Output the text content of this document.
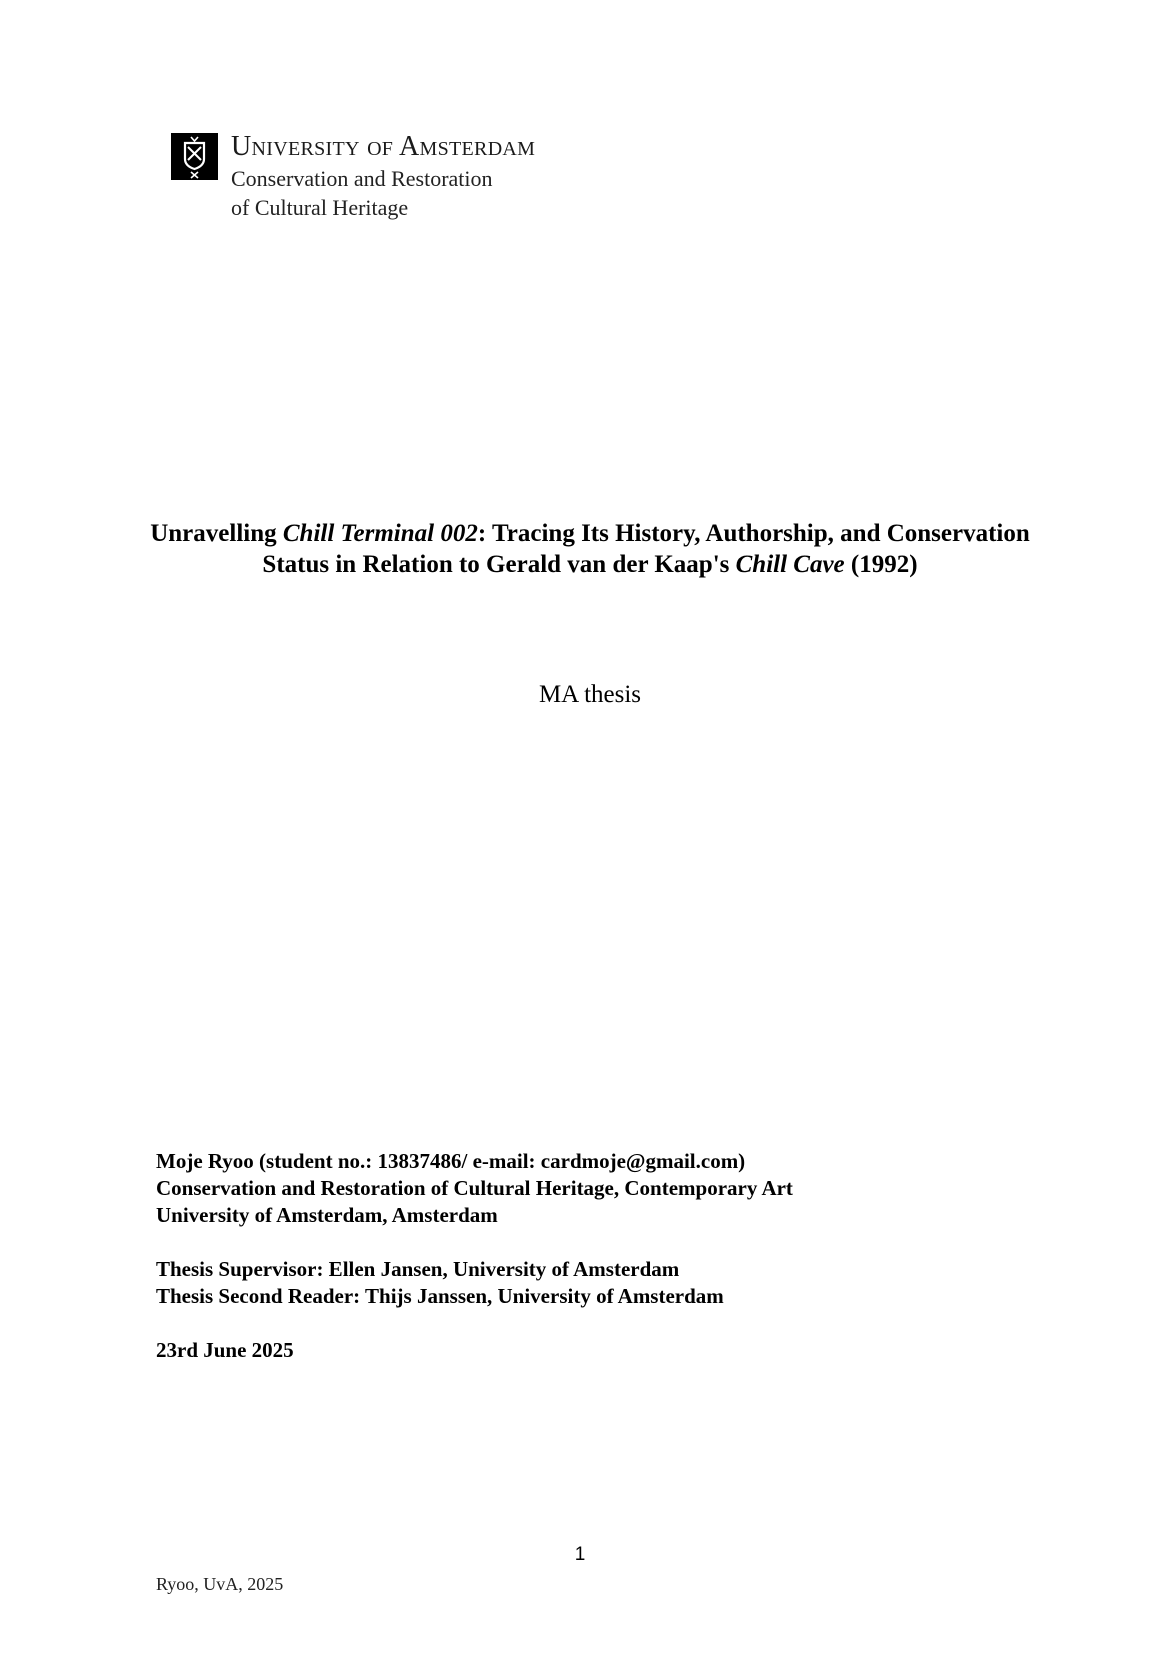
University of Amsterdam
Conservation and Restoration
of Cultural Heritage
Unravelling Chill Terminal 002: Tracing Its History, Authorship, and Conservation Status in Relation to Gerald van der Kaap's Chill Cave (1992)
MA thesis
Moje Ryoo (student no.: 13837486/ e-mail: cardmoje@gmail.com)
Conservation and Restoration of Cultural Heritage, Contemporary Art
University of Amsterdam, Amsterdam
Thesis Supervisor: Ellen Jansen, University of Amsterdam
Thesis Second Reader: Thijs Janssen, University of Amsterdam
23rd June 2025
1
Ryoo, UvA, 2025
